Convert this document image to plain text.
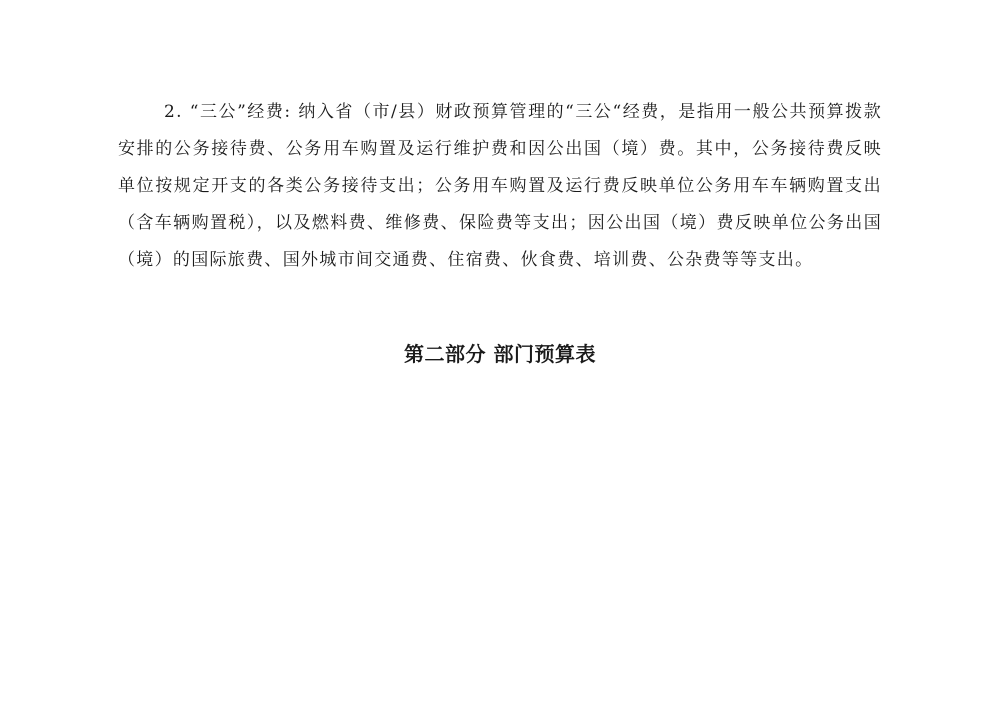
2. “三公”经费: 纳入省（市/县）财政预算管理的“三公“经费，是指用一般公共预算拨款安排的公务接待费、公务用车购置及运行维护费和因公出国（境）费。其中，公务接待费反映单位按规定开支的各类公务接待支出；公务用车购置及运行费反映单位公务用车车辆购置支出（含车辆购置税），以及燃料费、维修费、保险费等支出；因公出国（境）费反映单位公务出国（境）的国际旅费、国外城市间交通费、住宿费、伙食费、培训费、公杂费等等支出。

第二部分 部门预算表
